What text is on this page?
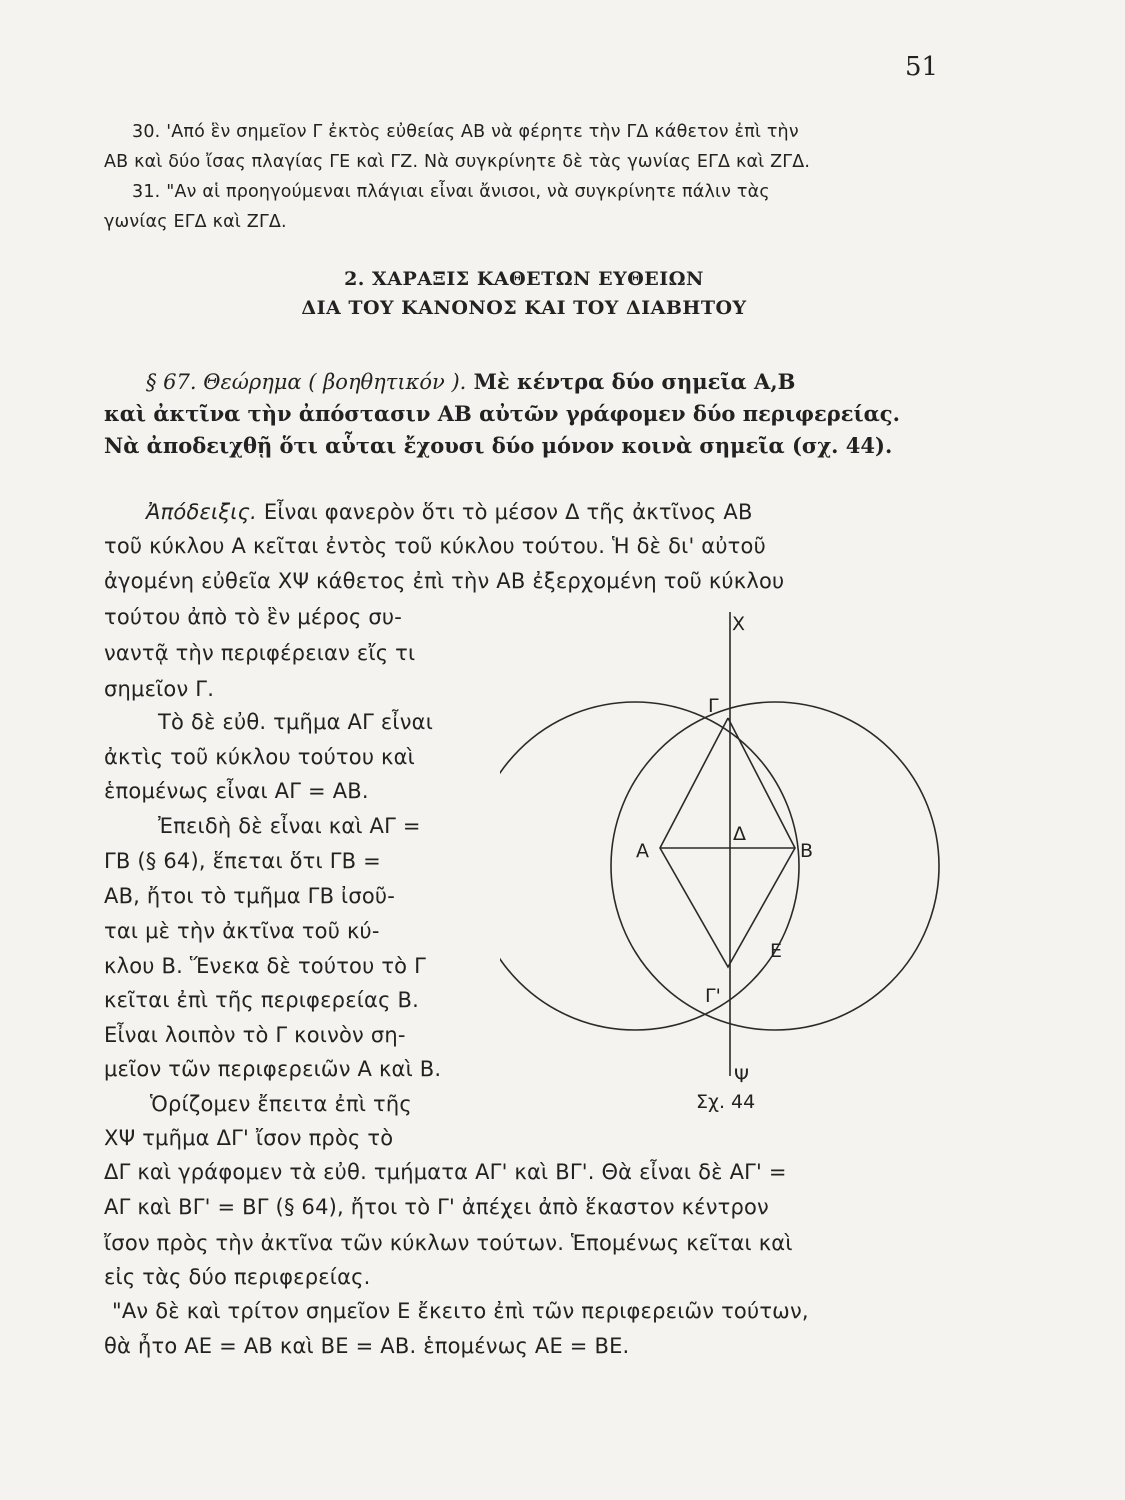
51
30. 'Από ἓν σημεῖον Γ ἐκτὸς εὐθείας ΑΒ νὰ φέρητε τὴν ΓΔ κάθετον ἐπὶ τὴν
ΑΒ καὶ δύο ἴσας πλαγίας ΓΕ καὶ ΓΖ. Νὰ συγκρίνητε δὲ τὰς γωνίας ΕΓΔ καὶ ΖΓΔ.
31. "Αν αἱ προηγούμεναι πλάγιαι εἶναι ἄνισοι, νὰ συγκρίνητε πάλιν τὰς
γωνίας ΕΓΔ καὶ ΖΓΔ.
2. ΧΑΡΑΞΙΣ ΚΑΘΕΤΩΝ ΕΥΘΕΙΩΝ
ΔΙΑ ΤΟΥ ΚΑΝΟΝΟΣ ΚΑΙ ΤΟΥ ΔΙΑΒΗΤΟΥ
§ 67. Θεώρημα ( βοηθητικόν ). Μὲ κέντρα δύο σημεῖα Α,Β
καὶ ἀκτῖνα τὴν ἀπόστασιν ΑΒ αὐτῶν γράφομεν δύο περιφερείας.
Νὰ ἀποδειχθῇ ὅτι αὗται ἔχουσι δύο μόνον κοινὰ σημεῖα (σχ. 44).
Ἀπόδειξις. Εἶναι φανερὸν ὅτι τὸ μέσον Δ τῆς ἀκτῖνος ΑΒ
τοῦ κύκλου Α κεῖται ἐντὸς τοῦ κύκλου τούτου. Ἡ δὲ δι' αὐτοῦ
ἀγομένη εὐθεῖα ΧΨ κάθετος ἐπὶ τὴν ΑΒ ἐξερχομένη τοῦ κύκλου
τούτου ἀπὸ τὸ ἓν μέρος συ-
ναντᾷ τὴν περιφέρειαν εἴς τι
σημεῖον Γ.
Τὸ δὲ εὐθ. τμῆμα ΑΓ εἶναι
ἀκτὶς τοῦ κύκλου τούτου καὶ
ἑπομένως εἶναι ΑΓ = ΑΒ.
Ἐπειδὴ δὲ εἶναι καὶ ΑΓ =
ΓΒ (§ 64), ἕπεται ὅτι ΓΒ =
ΑΒ, ἤτοι τὸ τμῆμα ΓΒ ἰσοῦ-
ται μὲ τὴν ἀκτῖνα τοῦ κύ-
κλου Β. Ἕνεκα δὲ τούτου τὸ Γ
κεῖται ἐπὶ τῆς περιφερείας Β.
Εἶναι λοιπὸν τὸ Γ κοινὸν ση-
μεῖον τῶν περιφερειῶν Α καὶ Β.
Ὁρίζομεν ἔπειτα ἐπὶ τῆς
ΧΨ τμῆμα ΔΓ' ἴσον πρὸς τὸ
ΔΓ καὶ γράφομεν τὰ εὐθ. τμήματα ΑΓ' καὶ ΒΓ'. Θὰ εἶναι δὲ ΑΓ' =
ΑΓ καὶ ΒΓ' = ΒΓ (§ 64), ἤτοι τὸ Γ' ἀπέχει ἀπὸ ἕκαστον κέντρον
ἴσον πρὸς τὴν ἀκτῖνα τῶν κύκλων τούτων. Ἑπομένως κεῖται καὶ
εἰς τὰς δύο περιφερείας.
"Αν δὲ καὶ τρίτον σημεῖον Ε ἔκειτο ἐπὶ τῶν περιφερειῶν τούτων,
θὰ ἦτο ΑΕ = ΑΒ καὶ ΒΕ = ΑΒ. ἑπομένως ΑΕ = ΒΕ.
Χ
Γ
Α
Δ
Β
Ε
Γ'
Ψ
Σχ. 44
